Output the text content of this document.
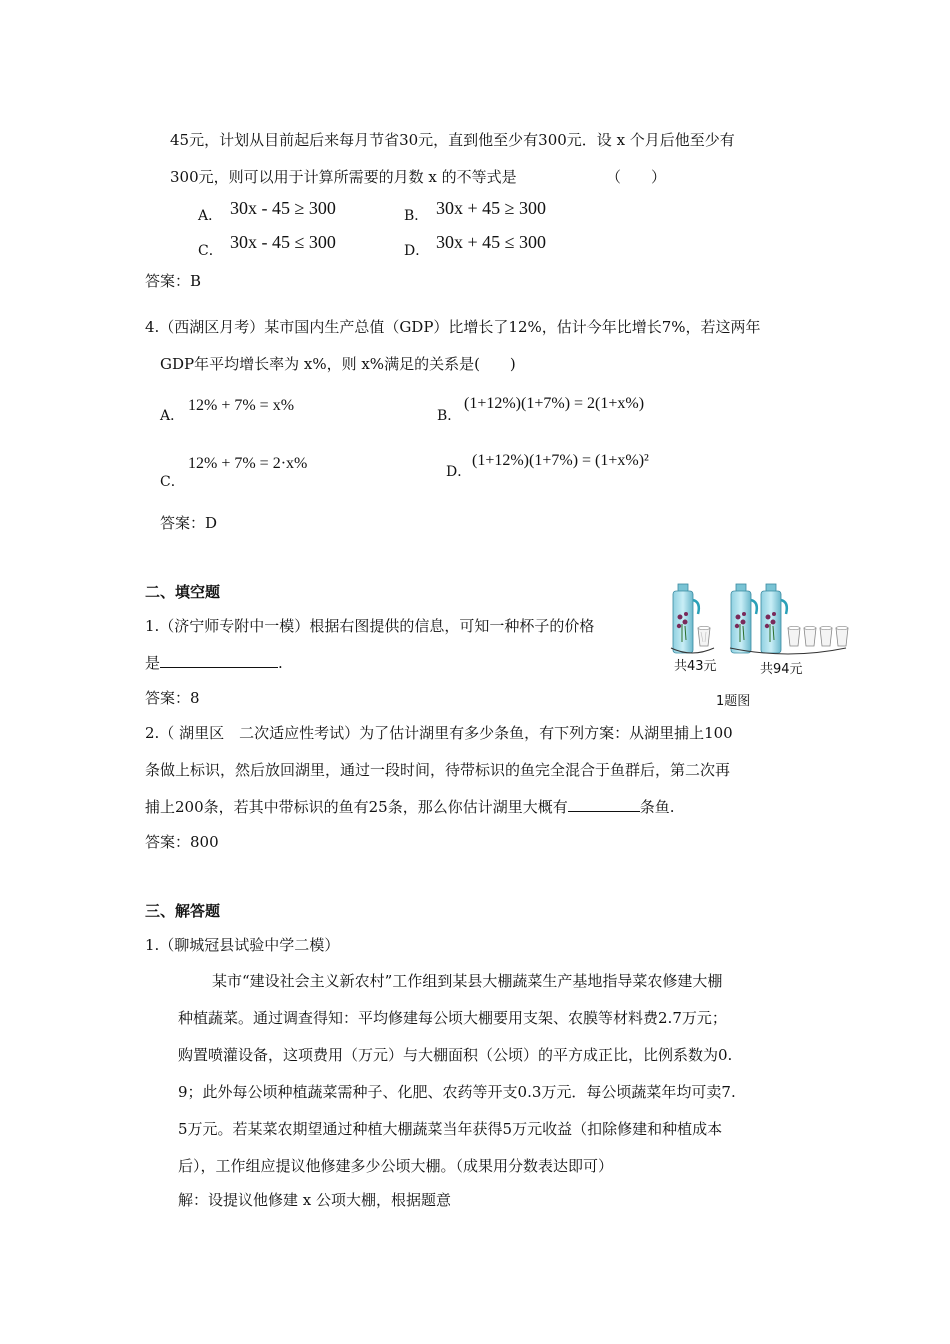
45元，计划从目前起后来每月节省30元，直到他至少有300元．设 x 个月后他至少有
300元，则可以用于计算所需要的月数 x 的不等式是	（　　）
A． 30x - 45 ≥ 300	B． 30x + 45 ≥ 300
C． 30x - 45 ≤ 300	D． 30x + 45 ≤ 300
答案：B
4.（西湖区月考）某市国内生产总值（GDP）比增长了12%，估计今年比增长7%，若这两年
GDP年平均增长率为 x%，则 x%满足的关系是(　　)
A．
12% + 7% = x%
B．
(1+12%)(1+7%) = 2(1+x%)
C．
12% + 7% = 2·x%	D．
(1+12%)(1+7%) = (1+x%)²
答案：D
二、填空题
1.（济宁师专附中一模）根据右图提供的信息，可知一种杯子的价格
是	.
答案：8
共43元	共94元
1题图
2.（ 湖里区　二次适应性考试）为了估计湖里有多少条鱼，有下列方案：从湖里捕上100
条做上标识，然后放回湖里，通过一段时间，待带标识的鱼完全混合于鱼群后，第二次再
捕上200条，若其中带标识的鱼有25条，那么你估计湖里大概有	条鱼.
答案：800
三、解答题
1.（聊城冠县试验中学二模）
某市“建设社会主义新农村”工作组到某县大棚蔬菜生产基地指导菜农修建大棚
种植蔬菜。通过调查得知：平均修建每公顷大棚要用支架、农膜等材料费2.7万元；
购置喷灌设备，这项费用（万元）与大棚面积（公顷）的平方成正比，比例系数为0.
9；此外每公顷种植蔬菜需种子、化肥、农药等开支0.3万元．每公顷蔬菜年均可卖7.
5万元。若某菜农期望通过种植大棚蔬菜当年获得5万元收益（扣除修建和种植成本
后），工作组应提议他修建多少公顷大棚。（成果用分数表达即可）
解：设提议他修建 x 公项大棚，根据题意
